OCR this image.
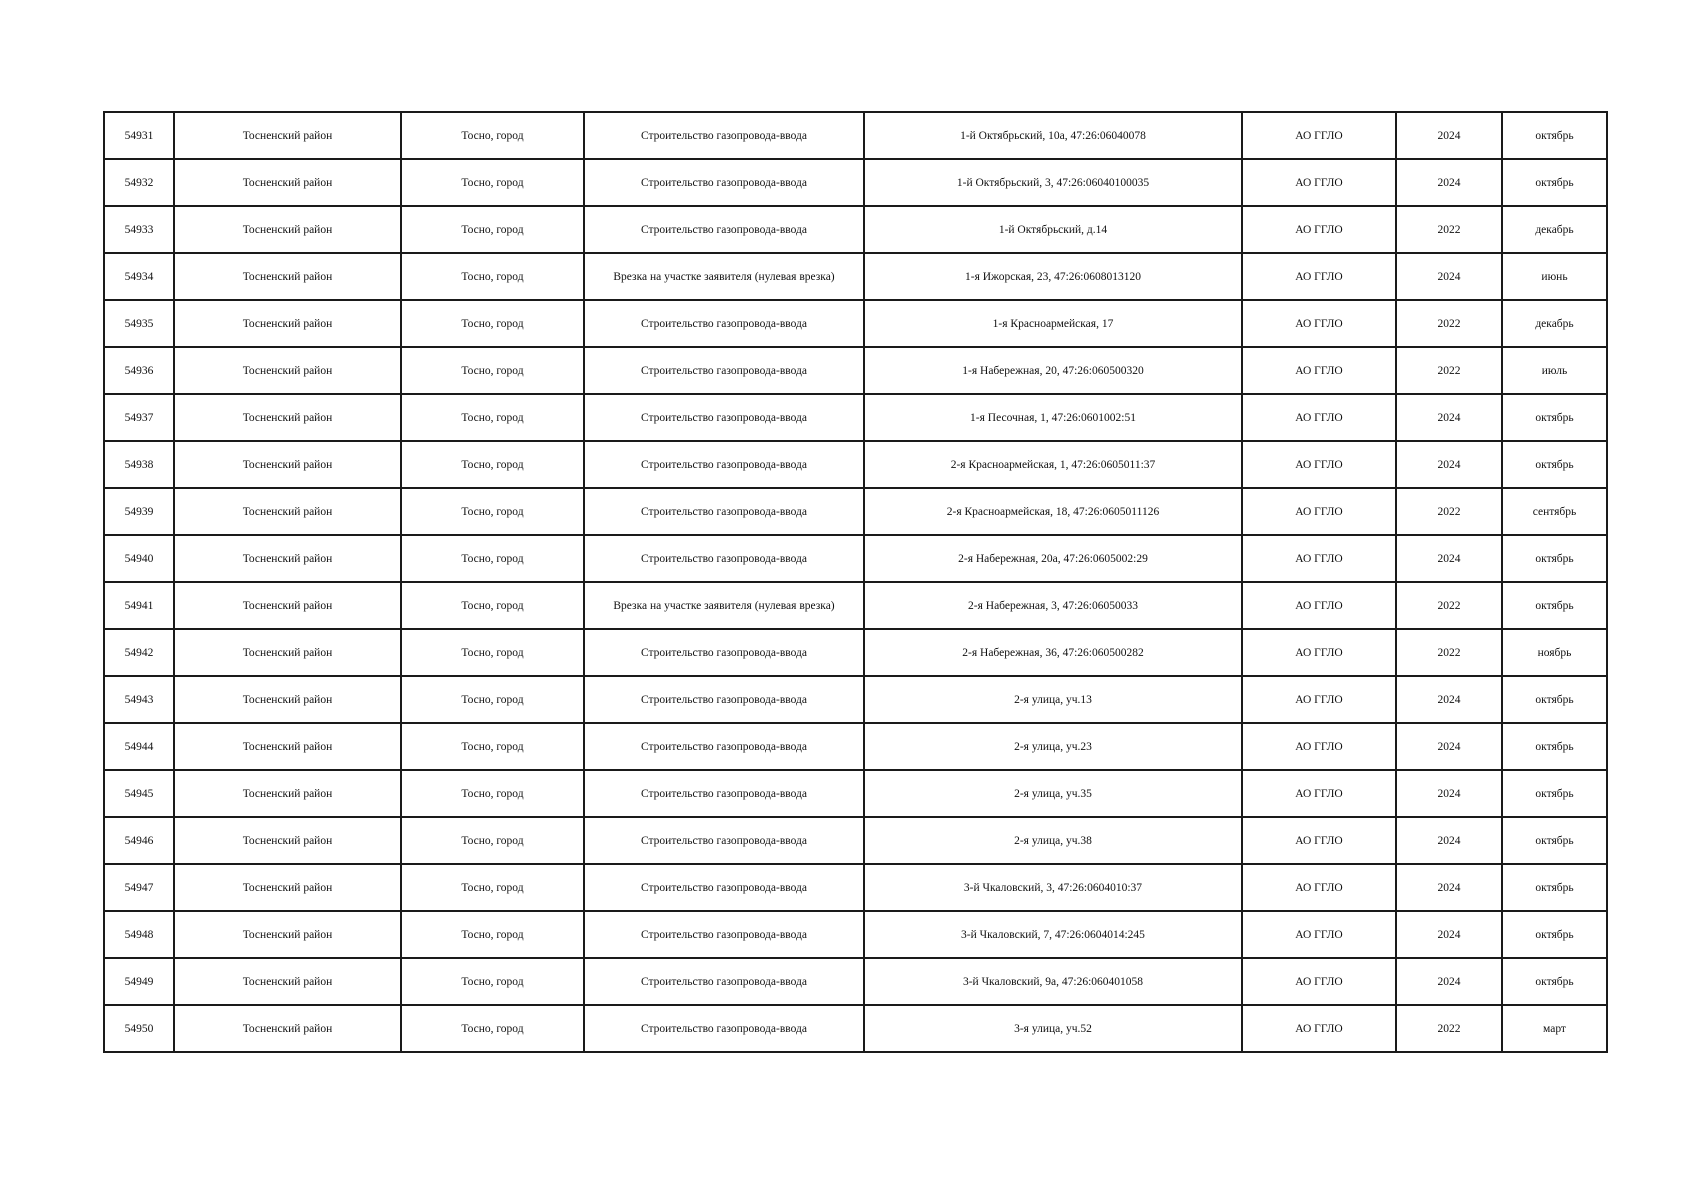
54931	Тосненский район	Тосно, город	Строительство газопровода-ввода	1-й Октябрьский, 10а, 47:26:06040078	АО ГГЛО	2024	октябрь
54932	Тосненский район	Тосно, город	Строительство газопровода-ввода	1-й Октябрьский, 3, 47:26:06040100035	АО ГГЛО	2024	октябрь
54933	Тосненский район	Тосно, город	Строительство газопровода-ввода	1-й Октябрьский, д.14	АО ГГЛО	2022	декабрь
54934	Тосненский район	Тосно, город	Врезка на участке заявителя (нулевая врезка)	1-я Ижорская, 23, 47:26:0608013120	АО ГГЛО	2024	июнь
54935	Тосненский район	Тосно, город	Строительство газопровода-ввода	1-я Красноармейская, 17	АО ГГЛО	2022	декабрь
54936	Тосненский район	Тосно, город	Строительство газопровода-ввода	1-я Набережная, 20, 47:26:060500320	АО ГГЛО	2022	июль
54937	Тосненский район	Тосно, город	Строительство газопровода-ввода	1-я Песочная, 1, 47:26:0601002:51	АО ГГЛО	2024	октябрь
54938	Тосненский район	Тосно, город	Строительство газопровода-ввода	2-я Красноармейская, 1, 47:26:0605011:37	АО ГГЛО	2024	октябрь
54939	Тосненский район	Тосно, город	Строительство газопровода-ввода	2-я Красноармейская, 18, 47:26:0605011126	АО ГГЛО	2022	сентябрь
54940	Тосненский район	Тосно, город	Строительство газопровода-ввода	2-я Набережная, 20а, 47:26:0605002:29	АО ГГЛО	2024	октябрь
54941	Тосненский район	Тосно, город	Врезка на участке заявителя (нулевая врезка)	2-я Набережная, 3, 47:26:06050033	АО ГГЛО	2022	октябрь
54942	Тосненский район	Тосно, город	Строительство газопровода-ввода	2-я Набережная, 36, 47:26:060500282	АО ГГЛО	2022	ноябрь
54943	Тосненский район	Тосно, город	Строительство газопровода-ввода	2-я улица, уч.13	АО ГГЛО	2024	октябрь
54944	Тосненский район	Тосно, город	Строительство газопровода-ввода	2-я улица, уч.23	АО ГГЛО	2024	октябрь
54945	Тосненский район	Тосно, город	Строительство газопровода-ввода	2-я улица, уч.35	АО ГГЛО	2024	октябрь
54946	Тосненский район	Тосно, город	Строительство газопровода-ввода	2-я улица, уч.38	АО ГГЛО	2024	октябрь
54947	Тосненский район	Тосно, город	Строительство газопровода-ввода	3-й Чкаловский, 3, 47:26:0604010:37	АО ГГЛО	2024	октябрь
54948	Тосненский район	Тосно, город	Строительство газопровода-ввода	3-й Чкаловский, 7, 47:26:0604014:245	АО ГГЛО	2024	октябрь
54949	Тосненский район	Тосно, город	Строительство газопровода-ввода	3-й Чкаловский, 9а, 47:26:060401058	АО ГГЛО	2024	октябрь
54950	Тосненский район	Тосно, город	Строительство газопровода-ввода	3-я улица, уч.52	АО ГГЛО	2022	март
